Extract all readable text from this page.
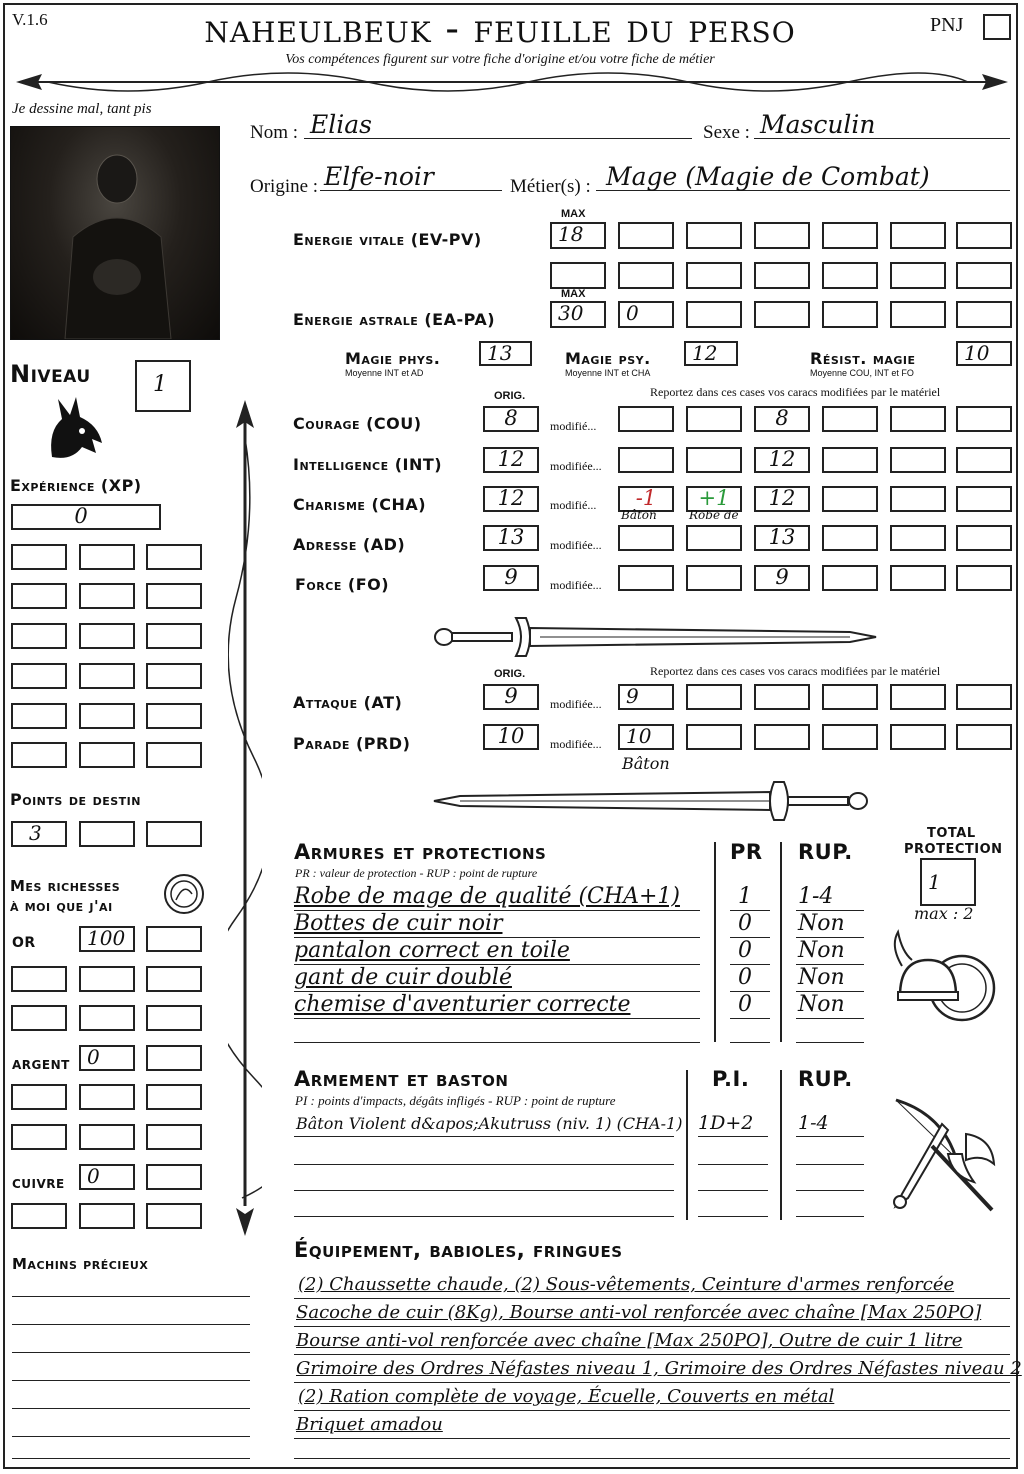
V.1.6	naheulbeuk - feuille du perso
Vos compétences figurent sur votre fiche d'origine et/ou votre fiche de métier
PNJ
Je dessine mal, tant pis
Nom : Elias	Sexe : Masculin
Origine : Elfe-noir	Métier(s) : Mage (Magie de Combat)
MAX
Energie vitale (EV-PV)	18
MAX
Energie astrale (EA-PA)	30 0
Magie phys.
Moyenne INT et AD
13	Magie psy.
Moyenne INT et CHA
12	Résist. magie
Moyenne COU, INT et FO
10
ORIG.	Reportez dans ces cases vos caracs modifiées par le matériel
Courage (COU)	8	modifié...	8
Intelligence (INT)	12	modifiée...	12
Charisme (CHA)	12	modifié...	-1	+1	12
Bâton	Robe de
Adresse (AD)	13	modifiée...	13
Force (FO)	9	modifiée...	9
ORIG.	Reportez dans ces cases vos caracs modifiées par le matériel
Attaque (AT)	9	modifiée... 9
Parade (PRD)	10	modifiée... 10
Bâton
Niveau	1
Expérience (XP)
0
Points de destin
3
Mes richesses
à moi que j'ai
OR	100
ARGENT 0
CUIVRE 0
Machins précieux
Armures et protections
PR : valeur de protection - RUP : point de rupture
PR RUP.
Robe de mage de qualité (CHA+1)	1 1-4
Bottes de cuir noir	0 Non
pantalon correct en toile	0 Non
gant de cuir doublé	0 Non
chemise d'aventurier correcte	0 Non
TOTAL
PROTECTION
1
max : 2
Armement et baston
PI : points d'impacts, dégâts infligés - RUP : point de rupture
P.I. RUP.
Bâton Violent d&apos;Akutruss (niv. 1) (CHA-1) 1D+2 1-4
Équipement, babioles, fringues
(2) Chaussette chaude, (2) Sous-vêtements, Ceinture d'armes renforcée
Sacoche de cuir (8Kg), Bourse anti-vol renforcée avec chaîne [Max 250PO]
Bourse anti-vol renforcée avec chaîne [Max 250PO], Outre de cuir 1 litre
Grimoire des Ordres Néfastes niveau 1, Grimoire des Ordres Néfastes niveau 2
(2) Ration complète de voyage, Écuelle, Couverts en métal
Briquet amadou
